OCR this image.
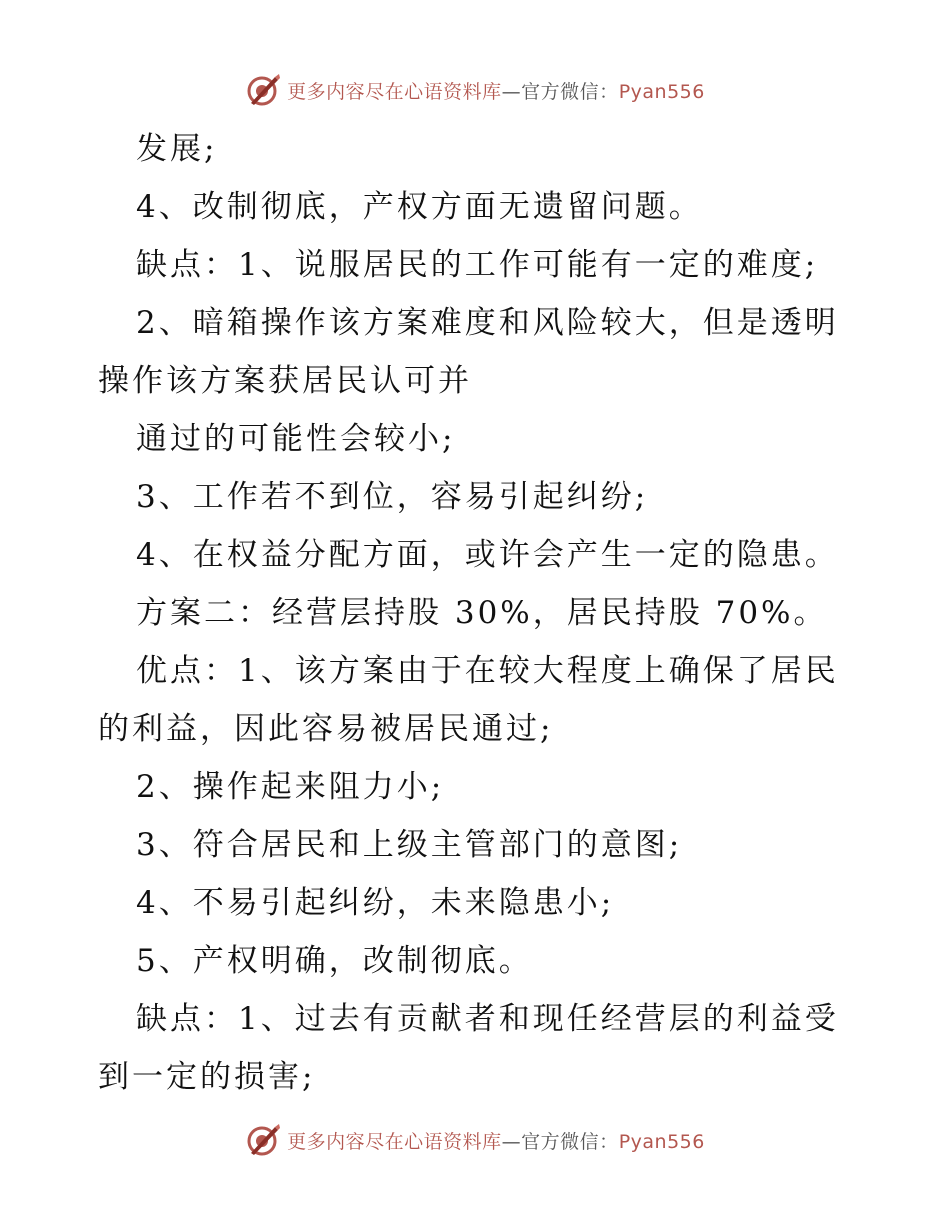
更多内容尽在心语资料库—官方微信：Pyan556

发展;

4、改制彻底，产权方面无遗留问题。

缺点：1、说服居民的工作可能有一定的难度;

2、暗箱操作该方案难度和风险较大，但是透明

操作该方案获居民认可并

通过的可能性会较小;

3、工作若不到位，容易引起纠纷;

4、在权益分配方面，或许会产生一定的隐患。

方案二：经营层持股 30%，居民持股 70%。

优点：1、该方案由于在较大程度上确保了居民

的利益，因此容易被居民通过;

2、操作起来阻力小;

3、符合居民和上级主管部门的意图;

4、不易引起纠纷，未来隐患小;

5、产权明确，改制彻底。

缺点：1、过去有贡献者和现任经营层的利益受

到一定的损害;

更多内容尽在心语资料库—官方微信：Pyan556
